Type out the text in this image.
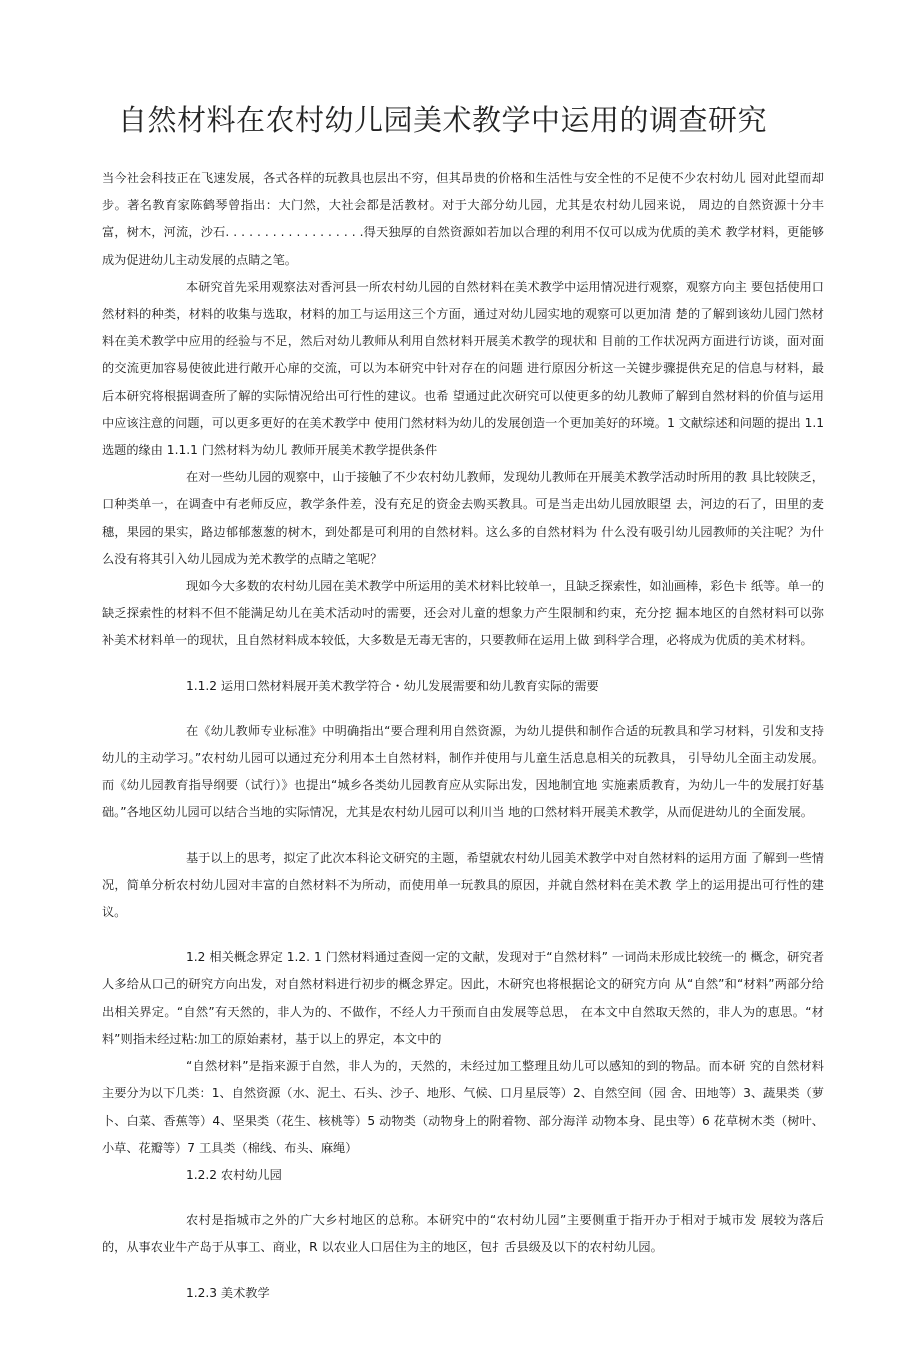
自然材料在农村幼儿园美术教学中运用的调查研究

当今社会科技正在飞速发展，各式各样的玩教具也层出不穷，但其昂贵的价格和生活性与安全性的不足使不少农村幼儿 园对此望而却步。著名教育家陈鹤琴曾指出：大门然，大社会都是活教材。对于大部分幼儿园，尤其是农村幼儿园来说， 周边的自然资源十分丰富，树木，河流，沙石. . . . . . . . . . . . . . . . . .得天独厚的自然资源如若加以合理的利用不仅可以成为优质的美术 教学材料，更能够成为促进幼儿主动发展的点睛之笔。

本研究首先采用观察法对香河县一所农村幼儿园的自然材料在美术教学中运用情况进行观察，观察方向主 要包括使用口然材料的种类，材料的收集与选取，材料的加工与运用这三个方面，通过对幼儿园实地的观察可以更加清 楚的了解到该幼儿园门然材料在美术教学中应用的经验与不足，然后对幼儿教师从利用自然材料开展美术教学的现状和 目前的工作状况两方面进行访谈，面对面的交流更加容易使彼此进行敞开心扉的交流，可以为本研究中针对存在的问题 进行原因分析这一关键步骤提供充足的信息与材料，最后本研究将根据调查所了解的实际情况给出可行性的建议。也希 望通过此次研究可以使更多的幼儿教师了解到自然材料的价值与运用中应该注意的问题，可以更多更好的在美术教学中 使用门然材料为幼儿的发展创造一个更加美好的环境。1 文献综述和问题的提出 1.1 选题的缘由 1.1.1 门然材料为幼儿 教师开展美术教学提供条件

在对一些幼儿园的观察中，山于接触了不少农村幼儿教师，发现幼儿教师在开展美术教学活动时所用的教 具比较陕乏，口种类单一，在调查中有老师反应，教学条件差，没有充足的资金去购买教具。可是当走出幼儿园放眼望 去，河边的石了，田里的麦穗，果园的果实，路边郁郁葱葱的树木，到处都是可利用的自然材料。这么多的自然材料为 什么没有吸引幼儿园教师的关注呢？为什么没有将其引入幼儿园成为羌术教学的点睛之笔呢？

现如今大多数的农村幼儿园在美术教学中所运用的美术材料比较单一，且缺乏探索性，如汕画棒，彩色卡 纸等。单一的缺乏探索性的材料不但不能满足幼儿在美术活动吋的需要，还会对儿童的想象力产生限制和约束，充分挖 掘本地区的自然材料可以弥补美术材料单一的现状，且自然材料成本较低，大多数是无毒无害的，只要教师在运用上做 到科学合理，必将成为优质的美术材料。

1.1.2 运用口然材料展开美术教学符合・幼儿发展需要和幼儿教育实际的需要

在《幼儿教师专业标准》中明确指出“要合理利用自然资源，为幼儿提供和制作合适的玩教具和学习材料，引发和支持幼儿的主动学习。”农村幼儿园可以通过充分利用本土自然材料，制作并使用与儿童生活息息相关的玩教具， 引导幼儿全面主动发展。而《幼儿园教育指导纲要（试行）》也提出“城乡各类幼儿园教育应从实际出发，因地制宜地 实施素质教育，为幼儿一牛的发展打好基础。”各地区幼儿园可以结合当地的实际情况，尤其是农村幼儿园可以利川当 地的口然材料开展美术教学，从而促进幼儿的全面发展。

基于以上的思考，拟定了此次本科论文研究的主题，希望就农村幼儿园美术教学中对自然材料的运用方面 了解到一些情况，简单分析农村幼儿园对丰富的自然材料不为所动，而使用单一玩教具的原因，并就自然材料在美术教 学上的运用提出可行性的建议。

1.2 相关概念界定 1.2. 1 门然材料通过查阅一定的文献，发现对于“自然材料” 一词尚未形成比较统一的 概念，研究者人多给从口己的研究方向出发，对自然材料进行初步的概念界定。因此，木研究也将根据论文的研究方向 从“自然”和“材料”两部分给出相关界定。“自然”有天然的，非人为的、不做作，不经人力干预而自由发展等总思， 在本文中自然取天然的，非人为的恵思。“材料”则指未经过粘:加工的原始素材，基于以上的界定，本文中的

“自然材料”是指来源于自然，非人为的，天然的，未经过加工整理且幼儿可以感知的到的物品。而本研 究的自然材料主要分为以下几类：1、自然资源（水、泥土、石头、沙子、地形、气候、口月星辰等）2、自然空间（园 舍、田地等）3、蔬果类（萝卜、白菜、香蕉等）4、坚果类（花生、核桃等）5 动物类（动物身上的附着物、部分海洋 动物本身、昆虫等）6 花草树木类（树叶、小草、花瓣等）7 工具类（棉线、布头、麻绳）

1.2.2 农村幼儿园

农村是指城市之外的广大乡村地区的总称。本研究中的“农村幼儿园”主要侧重于指开办于相对于城市发 展较为落后的，从事农业牛产岛于从事工、商业，R 以农业人口居住为主的地区，包扌舌县级及以下的农村幼儿园。

1.2.3 美术教学
